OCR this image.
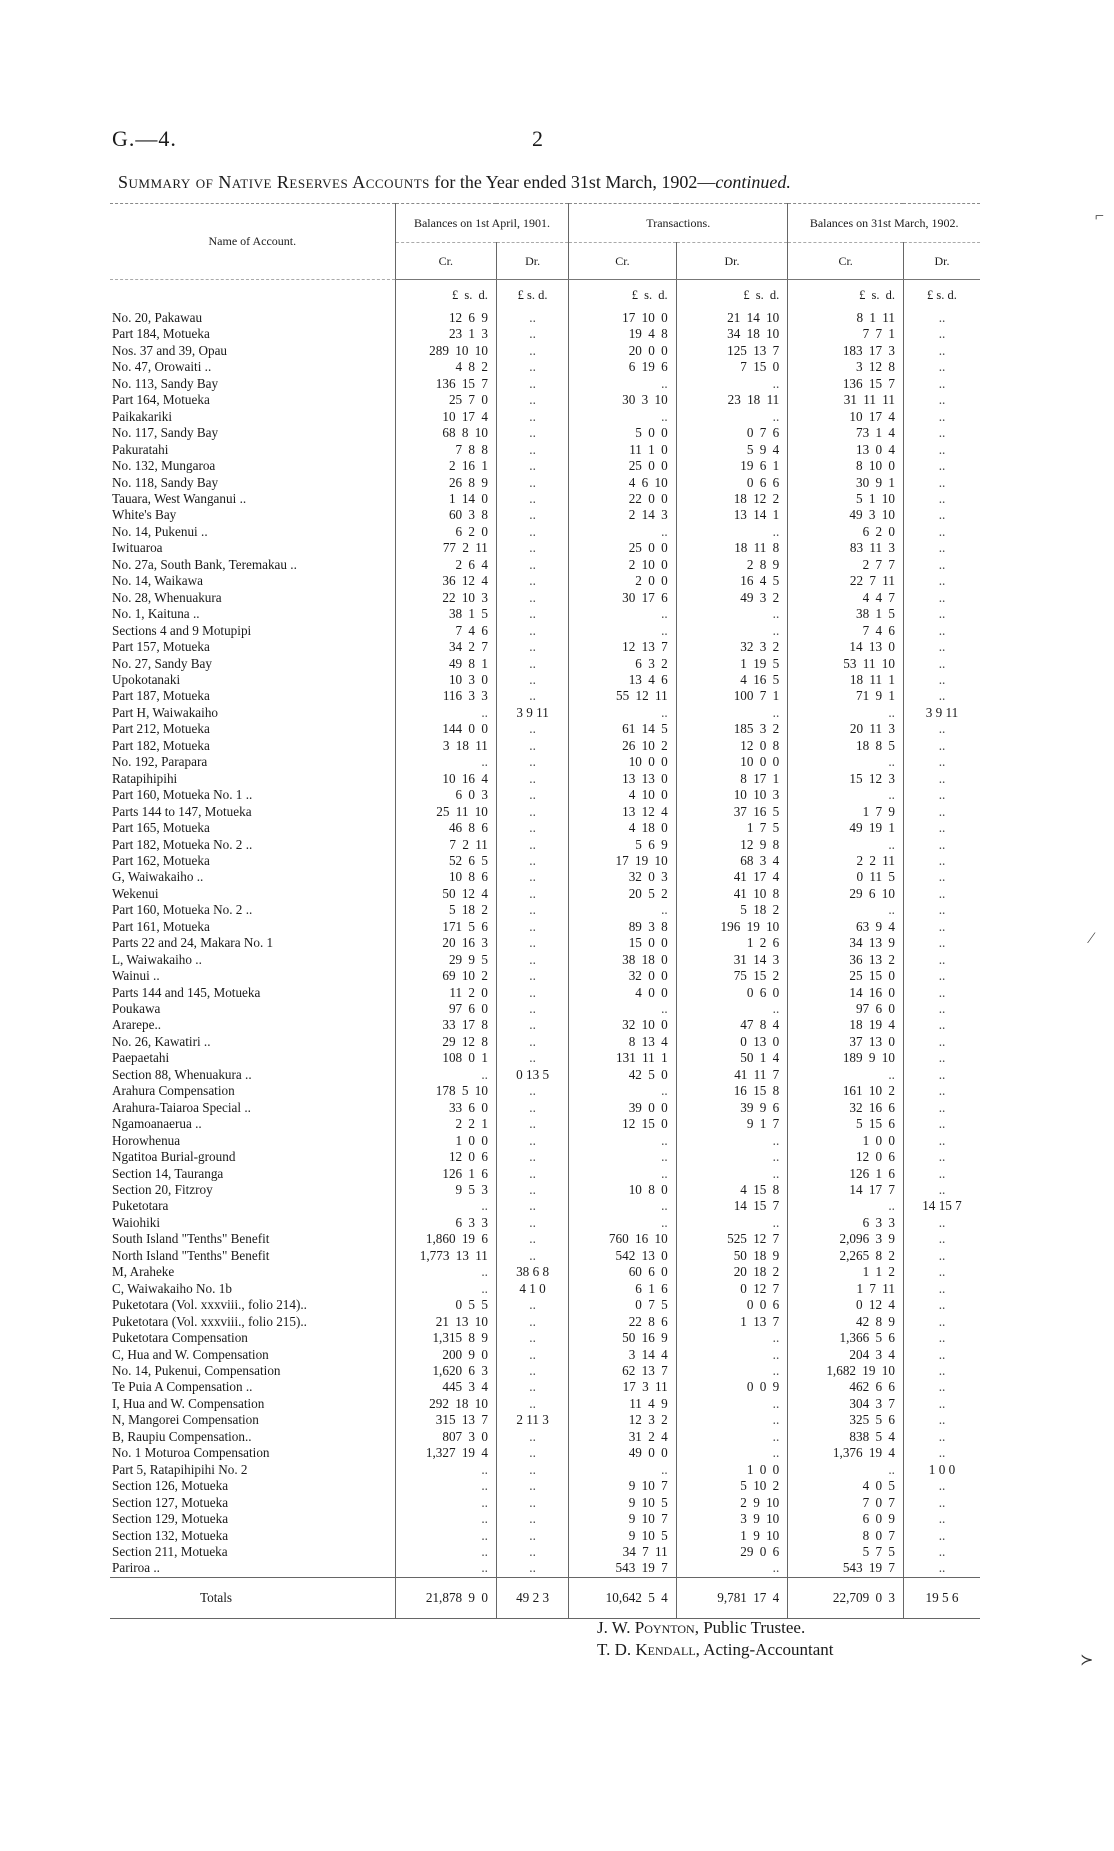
G.—4.	2
Summary of Native Reserves Accounts for the Year ended 31st March, 1902—continued.
Name of Account.	Balances on 1st April, 1901.		Transactions.		Balances on 31st March, 1902.	
	Cr.	Dr.	Cr.	Dr.	Cr.	Dr.
	£ s. d.	£ s. d.	£ s. d.	£ s. d.	£ s. d.	£ s. d.
No. 20, Pakawau	12 6 9	..	17 10 0	21 14 10	8 1 11	..
Part 184, Motueka	23 1 3	..	19 4 8	34 18 10	7 7 1	..
Nos. 37 and 39, Opau	289 10 10	..	20 0 0	125 13 7	183 17 3	..
No. 47, Orowaiti ..	4 8 2	..	6 19 6	7 15 0	3 12 8	..
No. 113, Sandy Bay	136 15 7	..	..	..	136 15 7	..
Part 164, Motueka	25 7 0	..	30 3 10	23 18 11	31 11 11	..
Paikakariki	10 17 4	..	..	..	10 17 4	..
No. 117, Sandy Bay	68 8 10	..	5 0 0	0 7 6	73 1 4	..
Pakuratahi	7 8 8	..	11 1 0	5 9 4	13 0 4	..
No. 132, Mungaroa	2 16 1	..	25 0 0	19 6 1	8 10 0	..
No. 118, Sandy Bay	26 8 9	..	4 6 10	0 6 6	30 9 1	..
Tauara, West Wanganui ..	1 14 0	..	22 0 0	18 12 2	5 1 10	..
White's Bay	60 3 8	..	2 14 3	13 14 1	49 3 10	..
No. 14, Pukenui ..	6 2 0	..	..	..	6 2 0	..
Iwituaroa	77 2 11	..	25 0 0	18 11 8	83 11 3	..
No. 27a, South Bank, Teremakau ..	2 6 4	..	2 10 0	2 8 9	2 7 7	..
No. 14, Waikawa	36 12 4	..	2 0 0	16 4 5	22 7 11	..
No. 28, Whenuakura	22 10 3	..	30 17 6	49 3 2	4 4 7	..
No. 1, Kaituna ..	38 1 5	..	..	..	38 1 5	..
Sections 4 and 9 Motupipi	7 4 6	..	..	..	7 4 6	..
Part 157, Motueka	34 2 7	..	12 13 7	32 3 2	14 13 0	..
No. 27, Sandy Bay	49 8 1	..	6 3 2	1 19 5	53 11 10	..
Upokotanaki	10 3 0	..	13 4 6	4 16 5	18 11 1	..
Part 187, Motueka	116 3 3	..	55 12 11	100 7 1	71 9 1	..
Part H, Waiwakaiho	..	3 9 11	..	..	..	3 9 11
Part 212, Motueka	144 0 0	..	61 14 5	185 3 2	20 11 3	..
Part 182, Motueka	3 18 11	..	26 10 2	12 0 8	18 8 5	..
No. 192, Parapara	..	..	10 0 0	10 0 0	..	..
Ratapihipihi	10 16 4	..	13 13 0	8 17 1	15 12 3	..
Part 160, Motueka No. 1 ..	6 0 3	..	4 10 0	10 10 3	..	..
Parts 144 to 147, Motueka	25 11 10	..	13 12 4	37 16 5	1 7 9	..
Part 165, Motueka	46 8 6	..	4 18 0	1 7 5	49 19 1	..
Part 182, Motueka No. 2 ..	7 2 11	..	5 6 9	12 9 8	..	..
Part 162, Motueka	52 6 5	..	17 19 10	68 3 4	2 2 11	..
G, Waiwakaiho ..	10 8 6	..	32 0 3	41 17 4	0 11 5	..
Wekenui	50 12 4	..	20 5 2	41 10 8	29 6 10	..
Part 160, Motueka No. 2 ..	5 18 2	..	..	5 18 2	..	..
Part 161, Motueka	171 5 6	..	89 3 8	196 19 10	63 9 4	..
Parts 22 and 24, Makara No. 1	20 16 3	..	15 0 0	1 2 6	34 13 9	..
L, Waiwakaiho ..	29 9 5	..	38 18 0	31 14 3	36 13 2	..
Wainui ..	69 10 2	..	32 0 0	75 15 2	25 15 0	..
Parts 144 and 145, Motueka	11 2 0	..	4 0 0	0 6 0	14 16 0	..
Poukawa	97 6 0	..	..	..	97 6 0	..
Ararepe..	33 17 8	..	32 10 0	47 8 4	18 19 4	..
No. 26, Kawatiri ..	29 12 8	..	8 13 4	0 13 0	37 13 0	..
Paepaetahi	108 0 1	..	131 11 1	50 1 4	189 9 10	..
Section 88, Whenuakura ..	..	0 13 5	42 5 0	41 11 7	..	..
Arahura Compensation	178 5 10	..	..	16 15 8	161 10 2	..
Arahura-Taiaroa Special ..	33 6 0	..	39 0 0	39 9 6	32 16 6	..
Ngamoanaerua ..	2 2 1	..	12 15 0	9 1 7	5 15 6	..
Horowhenua	1 0 0	..	..	..	1 0 0	..
Ngatitoa Burial-ground	12 0 6	..	..	..	12 0 6	..
Section 14, Tauranga	126 1 6	..	..	..	126 1 6	..
Section 20, Fitzroy	9 5 3	..	10 8 0	4 15 8	14 17 7	..
Puketotara	..	..	..	14 15 7	..	14 15 7
Waiohiki	6 3 3	..	..	..	6 3 3	..
South Island "Tenths" Benefit	1,860 19 6	..	760 16 10	525 12 7	2,096 3 9	..
North Island "Tenths" Benefit	1,773 13 11	..	542 13 0	50 18 9	2,265 8 2	..
M, Araheke	..	38 6 8	60 6 0	20 18 2	1 1 2	..
C, Waiwakaiho No. 1b	..	4 1 0	6 1 6	0 12 7	1 7 11	..
Puketotara (Vol. xxxviii., folio 214)..	0 5 5	..	0 7 5	0 0 6	0 12 4	..
Puketotara (Vol. xxxviii., folio 215)..	21 13 10	..	22 8 6	1 13 7	42 8 9	..
Puketotara Compensation	1,315 8 9	..	50 16 9	..	1,366 5 6	..
C, Hua and W. Compensation	200 9 0	..	3 14 4	..	204 3 4	..
No. 14, Pukenui, Compensation	1,620 6 3	..	62 13 7	..	1,682 19 10	..
Te Puia A Compensation ..	445 3 4	..	17 3 11	0 0 9	462 6 6	..
I, Hua and W. Compensation	292 18 10	..	11 4 9	..	304 3 7	..
N, Mangorei Compensation	315 13 7	2 11 3	12 3 2	..	325 5 6	..
B, Raupiu Compensation..	807 3 0	..	31 2 4	..	838 5 4	..
No. 1 Moturoa Compensation	1,327 19 4	..	49 0 0	..	1,376 19 4	..
Part 5, Ratapihipihi No. 2	..	..	..	1 0 0	..	1 0 0
Section 126, Motueka	..	..	9 10 7	5 10 2	4 0 5	..
Section 127, Motueka	..	..	9 10 5	2 9 10	7 0 7	..
Section 129, Motueka	..	..	9 10 7	3 9 10	6 0 9	..
Section 132, Motueka	..	..	9 10 5	1 9 10	8 0 7	..
Section 211, Motueka	..	..	34 7 11	29 0 6	5 7 5	..
Pariroa ..	..	..	543 19 7	..	543 19 7	..
Totals	21,878 9 0	49 2 3	10,642 5 4	9,781 17 4	22,709 0 3	19 5 6
J. W. Poynton, Public Trustee.
T. D. Kendall, Acting-Accountant
⌐
⁄
≻
